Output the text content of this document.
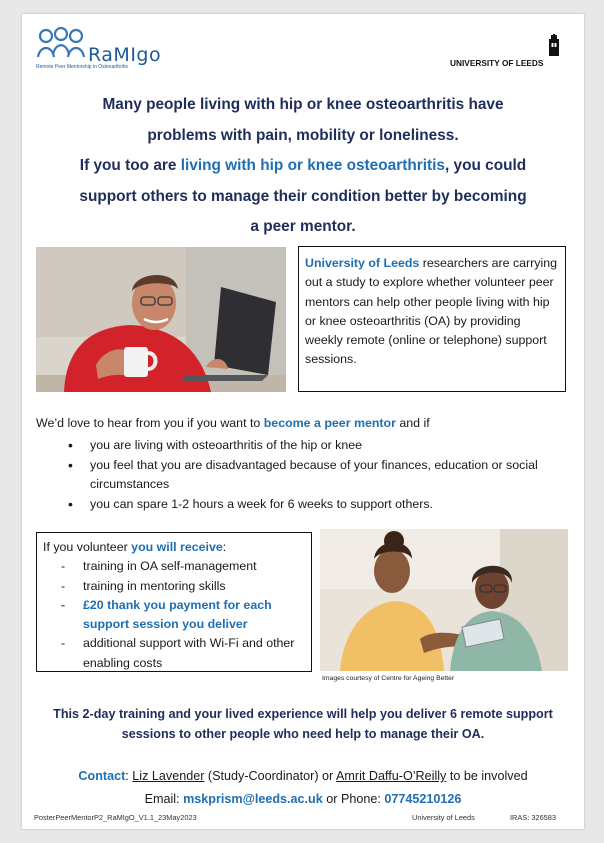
RaMIgo
Remote Peer Mentorship in Osteoarthritis	UNIVERSITY OF LEEDS
Many people living with hip or knee osteoarthritis have
problems with pain, mobility or loneliness.
If you too are living with hip or knee osteoarthritis, you could
support others to manage their condition better by becoming
a peer mentor.
University of Leeds researchers are carrying out a study to explore whether volunteer peer mentors can help other people living with hip or knee osteoarthritis (OA) by providing weekly remote (online or telephone) support sessions.
We’d love to hear from you if you want to become a peer mentor and if
• you are living with osteoarthritis of the hip or knee
• you feel that you are disadvantaged because of your finances, education or social circumstances
• you can spare 1-2 hours a week for 6 weeks to support others.
If you volunteer you will receive:
- training in OA self-management
- training in mentoring skills
- £20 thank you payment for each support session you deliver
- additional support with Wi-Fi and other enabling costs
Images courtesy of Centre for Ageing Better
This 2-day training and your lived experience will help you deliver 6 remote support sessions to other people who need help to manage their OA.
Contact: Liz Lavender (Study-Coordinator) or Amrit Daffu-O’Reilly to be involved
Email: mskprism@leeds.ac.uk or Phone: 07745210126
PosterPeerMentorP2_RaMIgO_V1.1_23May2023	University of Leeds	IRAS: 326583
